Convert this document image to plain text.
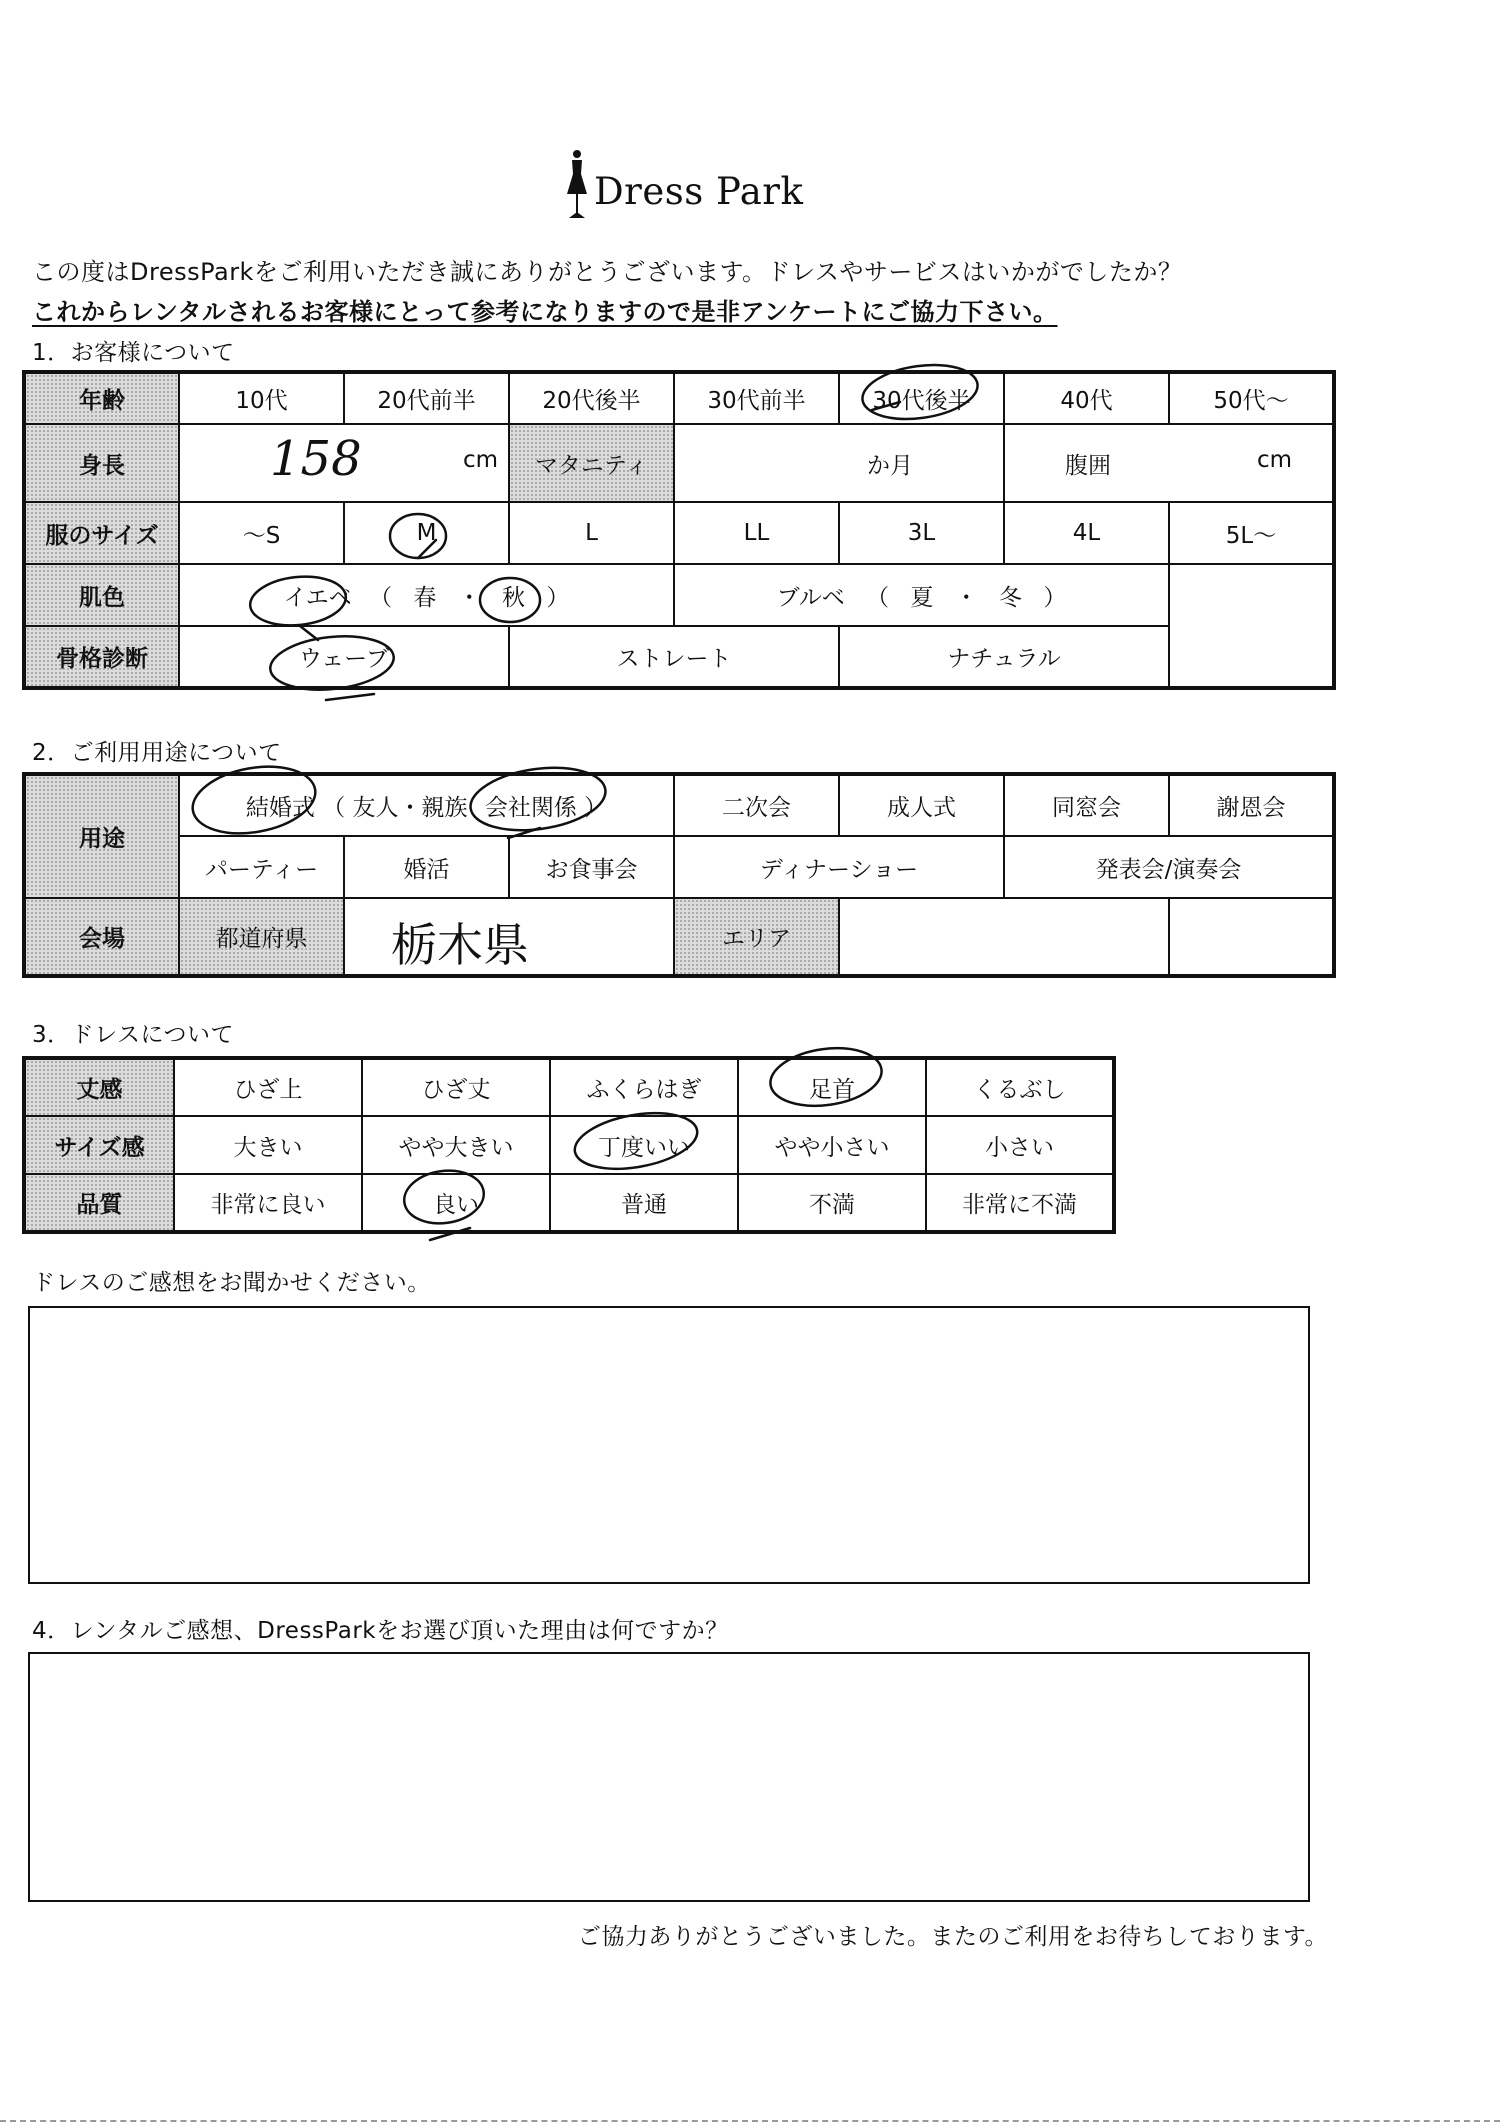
Dress Park
この度はDressParkをご利用いただき誠にありがとうございます。ドレスやサービスはいかがでしたか？
これからレンタルされるお客様にとって参考になりますので是非アンケートにご協力下さい。
1．お客様について
年齢	10代	20代前半	20代後半	30代前半	30代後半	40代	50代～
身長	158 cm		マタニティ	か月		腹囲 cm	

服のサイズ	～S	M	L	LL	3L	4L	5L～
肌色	イエベ （ 春 ・ 秋 ）			ブルベ （ 夏 ・ 冬 ）			
骨格診断	ウェーブ		ストレート		ナチュラル		
2．ご利用用途について
用途	結婚式 （ 友人・親族 会社関係 ）			二次会	成人式	同窓会	謝恩会
	パーティー	婚活	お食事会	ディナーショー		発表会/演奏会	
会場	都道府県	栃木県		エリア			
3．ドレスについて
丈感	ひざ上	ひざ丈	ふくらはぎ	足首	くるぶし
サイズ感	大きい	やや大きい	丁度いい	やや小さい	小さい
品質	非常に良い	良い	普通	不満	非常に不満
ドレスのご感想をお聞かせください。
4．レンタルご感想、DressParkをお選び頂いた理由は何ですか？
ご協力ありがとうございました。またのご利用をお待ちしております。
